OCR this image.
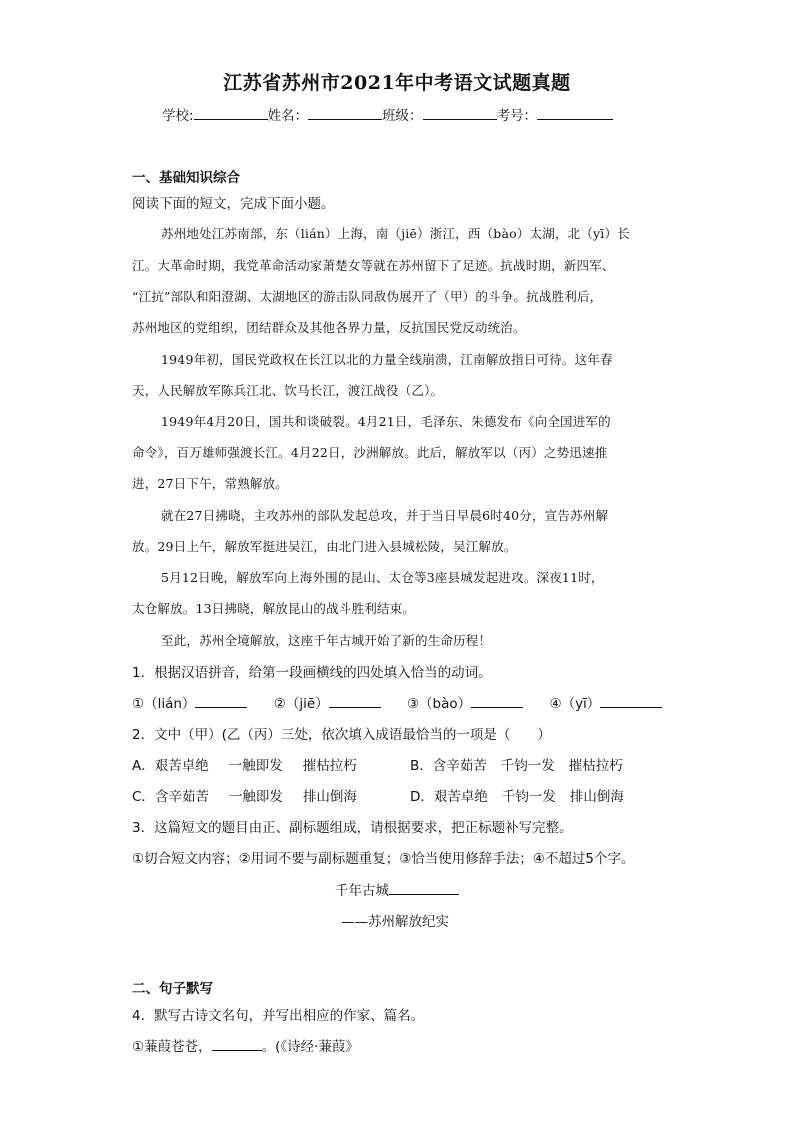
江苏省苏州市2021年中考语文试题真题
学校:	姓名：	班级：	考号：
一、基础知识综合
阅读下面的短文，完成下面小题。
苏州地处江苏南部，东（lián）上海，南（jiē）浙江，西（bào）太湖，北（yī）长
江。大革命时期，我党革命活动家萧楚女等就在苏州留下了足迹。抗战时期，新四军、
“江抗”部队和阳澄湖、太湖地区的游击队同敌伪展开了（甲）的斗争。抗战胜利后，
苏州地区的党组织，团结群众及其他各界力量，反抗国民党反动统治。
1949年初，国民党政权在长江以北的力量全线崩溃，江南解放指日可待。这年春
天，人民解放军陈兵江北、饮马长江，渡江战役（乙）。
1949年4月20日，国共和谈破裂。4月21日，毛泽东、朱德发布《向全国进军的
命令》，百万雄师强渡长江。4月22日，沙洲解放。此后，解放军以（丙）之势迅速推
进，27日下午，常熟解放。
就在27日拂晓，主攻苏州的部队发起总攻，并于当日早晨6时40分，宣告苏州解
放。29日上午，解放军挺进吴江，由北门进入县城松陵，吴江解放。
5月12日晚，解放军向上海外围的昆山、太仓等3座县城发起进攻。深夜11时，
太仓解放。13日拂晓，解放昆山的战斗胜利结束。
至此，苏州全境解放，这座千年古城开始了新的生命历程！
1．根据汉语拼音，给第一段画横线的四处填入恰当的动词。
①（lián）	②（jiē）	③（bào）	④（yī）
2．文中（甲）(乙（丙）三处，依次填入成语最恰当的一项是（　　）
A．艰苦卓绝 一触即发 摧枯拉朽	B．含辛茹苦 千钧一发 摧枯拉朽
C．含辛茹苦 一触即发 排山倒海	D．艰苦卓绝 千钧一发 排山倒海
3．这篇短文的题目由正、副标题组成，请根据要求，把正标题补写完整。
①切合短文内容；②用词不要与副标题重复；③恰当使用修辞手法；④不超过5个字。
千年古城
——苏州解放纪实
二、句子默写
4．默写古诗文名句，并写出相应的作家、篇名。
①蒹葭苍苍，	。(《诗经·蒹葭》
